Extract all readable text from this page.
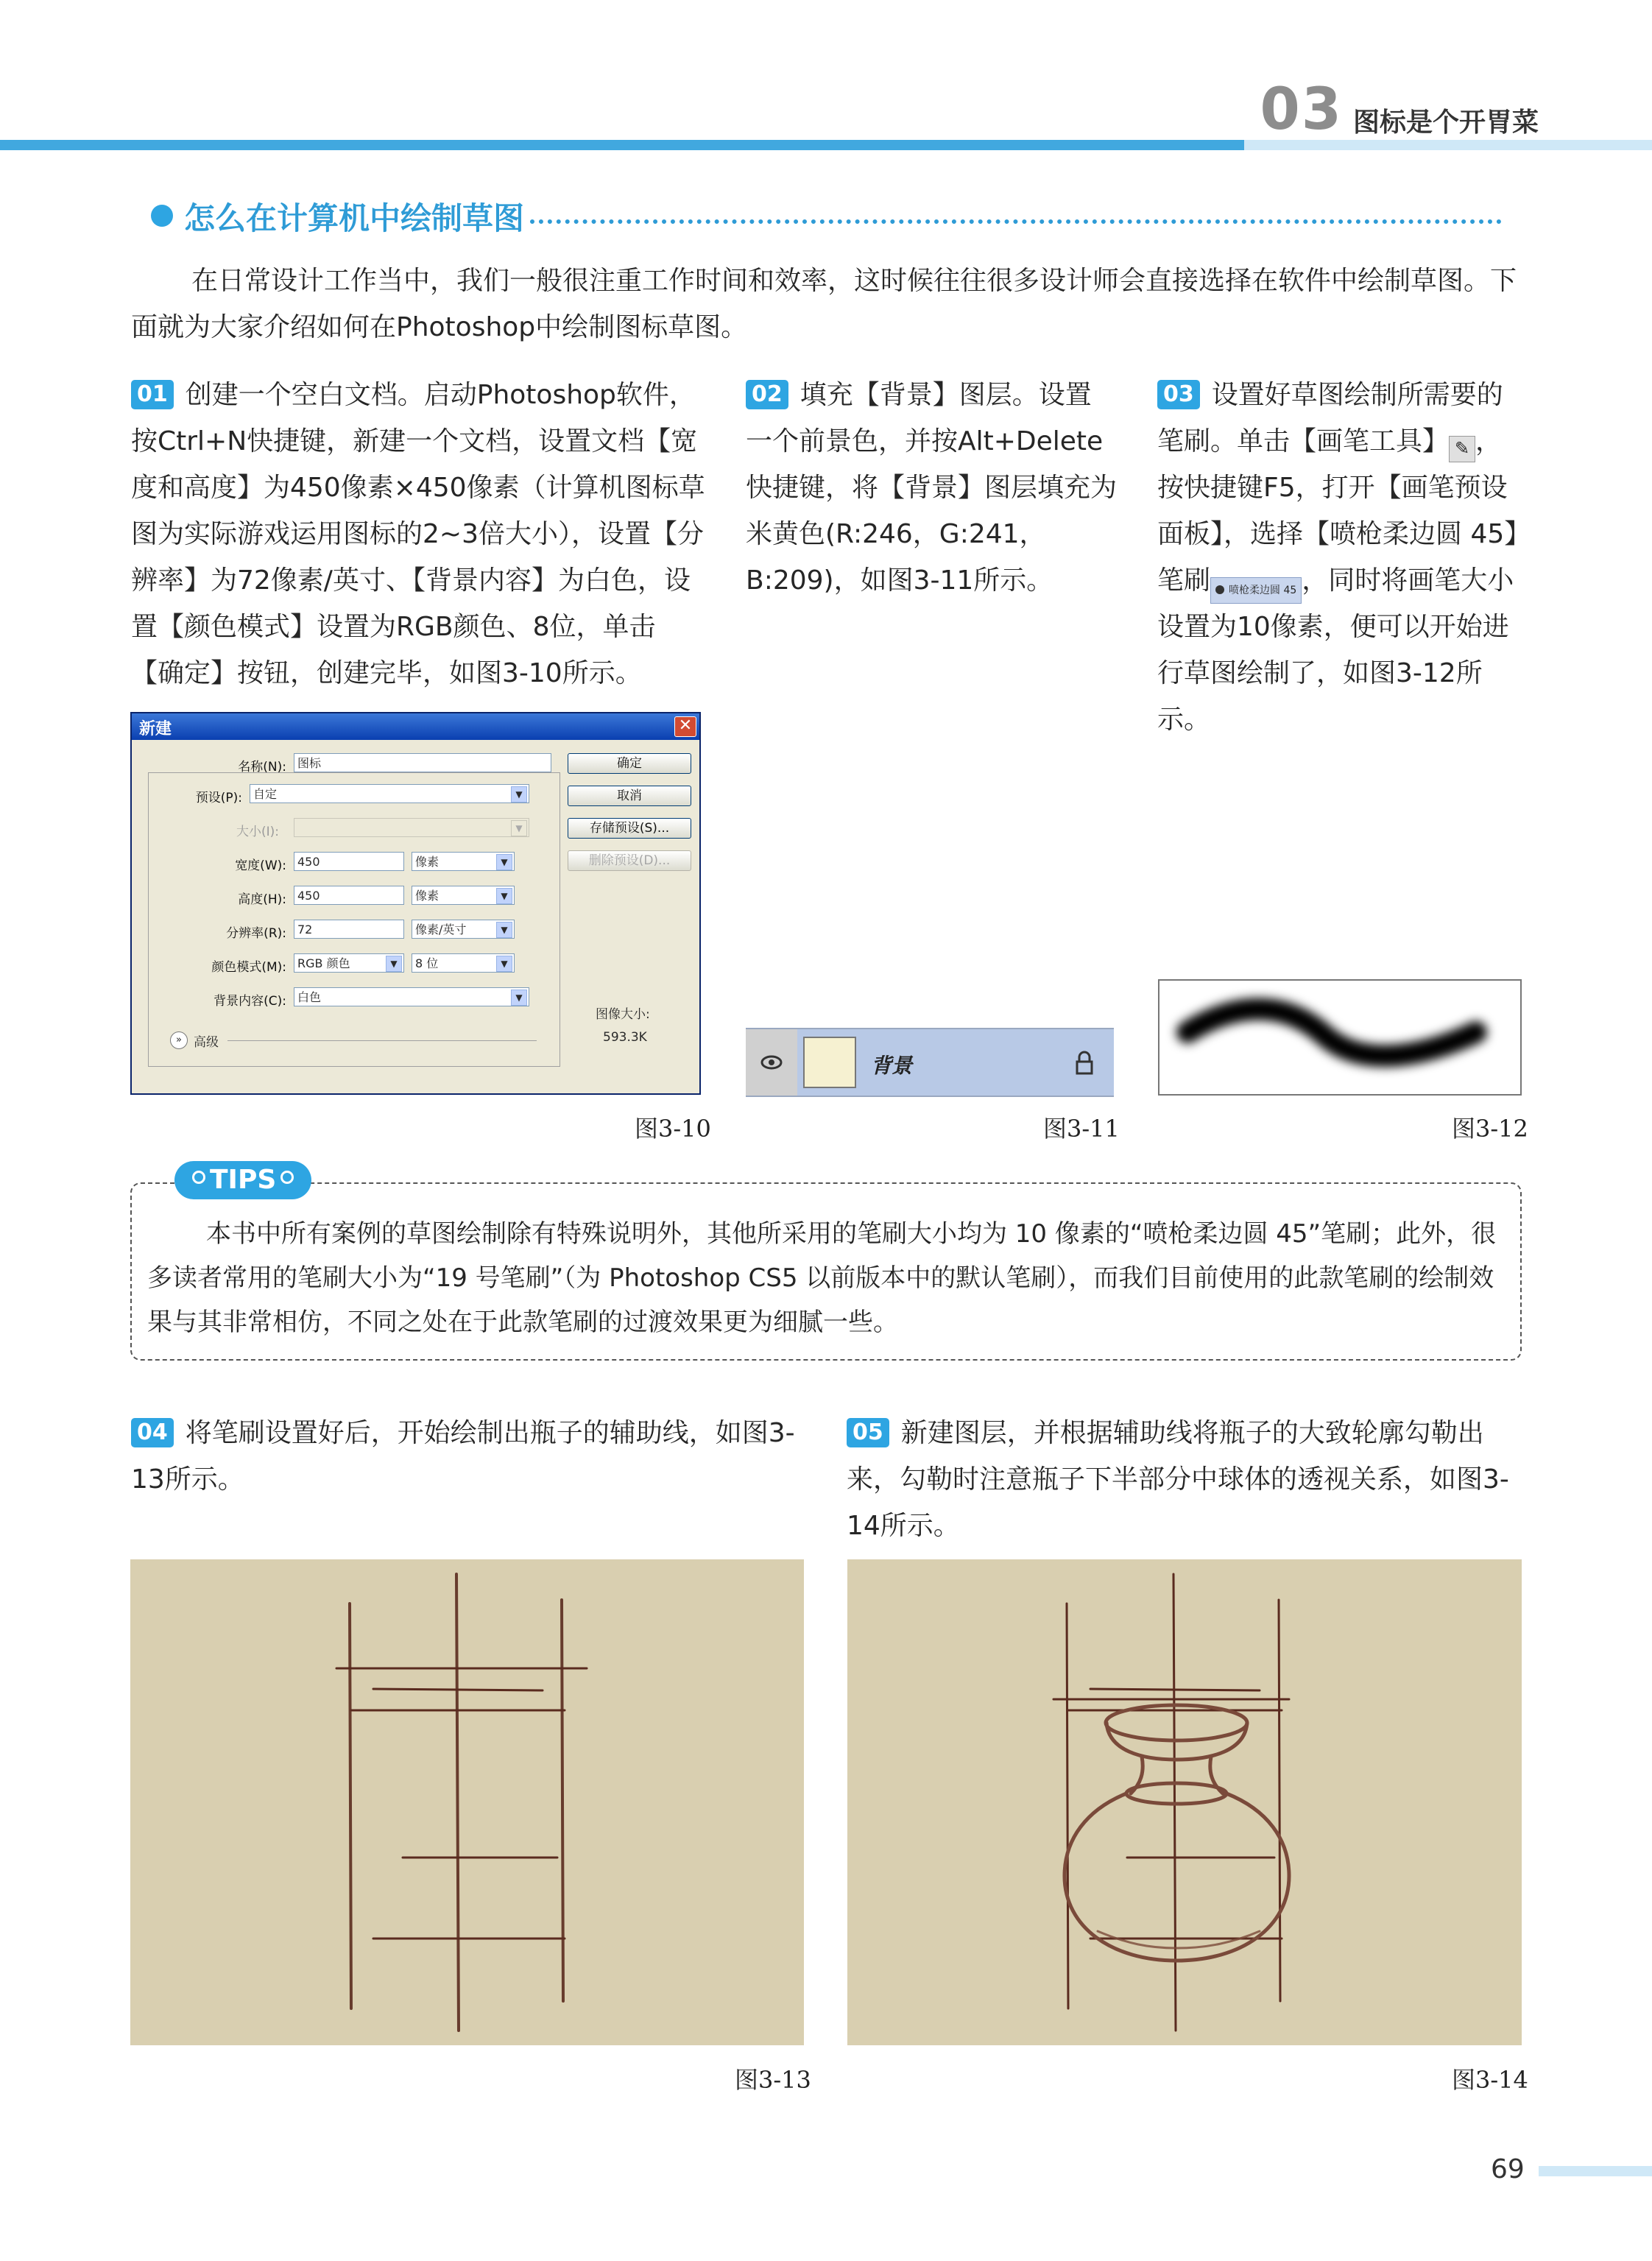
03 图标是个开胃菜
怎么在计算机中绘制草图
在日常设计工作当中，我们一般很注重工作时间和效率，这时候往往很多设计师会直接选择在软件中绘制草图。下面就为大家介绍如何在Photoshop中绘制图标草图。
01 创建一个空白文档。启动Photoshop软件，按Ctrl+N快捷键，新建一个文档，设置文档【宽度和高度】为450像素×450像素（计算机图标草图为实际游戏运用图标的2~3倍大小），设置【分辨率】为72像素/英寸、【背景内容】为白色，设置【颜色模式】设置为RGB颜色、8位，单击【确定】按钮，创建完毕，如图3-10所示。
02 填充【背景】图层。设置一个前景色，并按Alt+Delete快捷键，将【背景】图层填充为米黄色(R:246，G:241，B:209)，如图3-11所示。
03 设置好草图绘制所需要的笔刷。单击【画笔工具】 ✎ ，按快捷键F5，打开【画笔预设面板】，选择【喷枪柔边圆 45】笔刷 喷枪柔边圆 45 ，同时将画笔大小设置为10像素，便可以开始进行草图绘制了，如图3-12所示。
新建	✕
名称(N): 图标
预设(P): 自定	▼
大小(I):	▼
宽度(W): 450	像素	▼
高度(H): 450	像素	▼
分辨率(R): 72	像素/英寸	▼
颜色模式(M): RGB 颜色	▼	8 位	▼
背景内容(C): 白色	▼
» 高级
确定
取消
存储预设(S)...
删除预设(D)...
图像大小:
593.3K
背景
图3-10	图3-11	图3-12
TIPS
本书中所有案例的草图绘制除有特殊说明外，其他所采用的笔刷大小均为 10 像素的“喷枪柔边圆 45”笔刷；此外，很多读者常用的笔刷大小为“19 号笔刷”（为 Photoshop CS5 以前版本中的默认笔刷），而我们目前使用的此款笔刷的绘制效果与其非常相仿，不同之处在于此款笔刷的过渡效果更为细腻一些。
04 将笔刷设置好后，开始绘制出瓶子的辅助线，如图3-13所示。
05 新建图层，并根据辅助线将瓶子的大致轮廓勾勒出来，勾勒时注意瓶子下半部分中球体的透视关系，如图3-14所示。
图3-13	图3-14
69
